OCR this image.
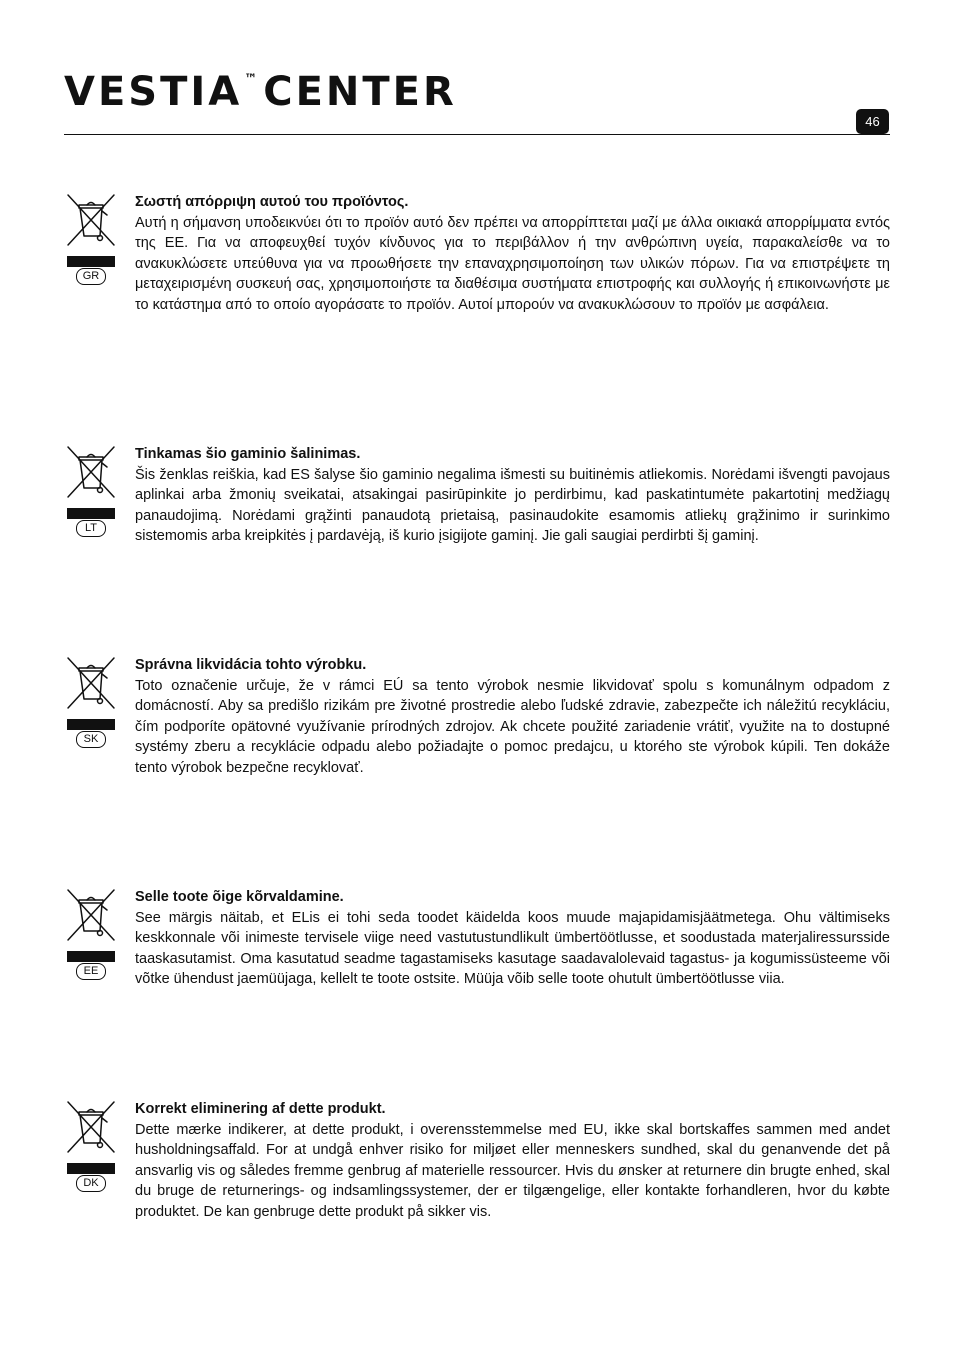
VESTIA ™ CENTER
46
GR

Σωστή απόρριψη αυτού του προϊόντος.

Αυτή η σήμανση υποδεικνύει ότι το προϊόν αυτό δεν πρέπει να απορρίπτεται μαζί με άλλα οικιακά απορρίμματα εντός της ΕΕ. Για να αποφευχθεί τυχόν κίνδυνος για το περιβάλλον ή την ανθρώπινη υγεία, παρακαλείσθε να το ανακυκλώσετε υπεύθυνα για να προωθήσετε την επαναχρησιμοποίηση των υλικών πόρων. Για να επιστρέψετε τη μεταχειρισμένη συσκευή σας, χρησιμοποιήστε τα διαθέσιμα συστήματα επιστροφής και συλλογής ή επικοινωνήστε με το κατάστημα από το οποίο αγοράσατε το προϊόν. Αυτοί μπορούν να ανακυκλώσουν το προϊόν με ασφάλεια.

LT

Tinkamas šio gaminio šalinimas.

Šis ženklas reiškia, kad ES šalyse šio gaminio negalima išmesti su buitinėmis atliekomis. Norėdami išvengti pavojaus aplinkai arba žmonių sveikatai, atsakingai pasirūpinkite jo perdirbimu, kad paskatintumėte pakartotinį medžiagų panaudojimą. Norėdami grąžinti panaudotą prietaisą, pasinaudokite esamomis atliekų grąžinimo ir surinkimo sistemomis arba kreipkitės į pardavėją, iš kurio įsigijote gaminį. Jie gali saugiai perdirbti šį gaminį.

SK

Správna likvidácia tohto výrobku.

Toto označenie určuje, že v rámci EÚ sa tento výrobok nesmie likvidovať spolu s komunálnym odpadom z domácností. Aby sa predišlo rizikám pre životné prostredie alebo ľudské zdravie, zabezpečte ich náležitú recykláciu, čím podporíte opätovné využívanie prírodných zdrojov. Ak chcete použité zariadenie vrátiť, využite na to dostupné systémy zberu a recyklácie odpadu alebo požiadajte o pomoc predajcu, u ktorého ste výrobok kúpili. Ten dokáže tento výrobok bezpečne recyklovať.

EE

Selle toote õige kõrvaldamine.

See märgis näitab, et ELis ei tohi seda toodet käidelda koos muude majapidamisjäätmetega. Ohu vältimiseks keskkonnale või inimeste tervisele viige need vastutustundlikult ümbertöötlusse, et soodustada materjaliressursside taaskasutamist. Oma kasutatud seadme tagastamiseks kasutage saadavalolevaid tagastus- ja kogumissüsteeme või võtke ühendust jaemüüjaga, kellelt te toote ostsite. Müüja võib selle toote ohutult ümbertöötlusse viia.

DK

Korrekt eliminering af dette produkt.

Dette mærke indikerer, at dette produkt, i overensstemmelse med EU, ikke skal bortskaffes sammen med andet husholdningsaffald. For at undgå enhver risiko for miljøet eller menneskers sundhed, skal du genanvende det på ansvarlig vis og således fremme genbrug af materielle ressourcer. Hvis du ønsker at returnere din brugte enhed, skal du bruge de returnerings- og indsamlingssystemer, der er tilgængelige, eller kontakte forhandleren, hvor du købte produktet. De kan genbruge dette produkt på sikker vis.
